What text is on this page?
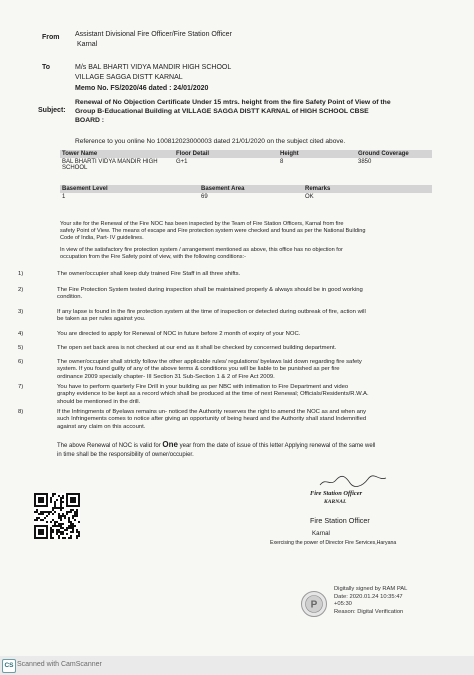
From Assistant Divisional Fire Officer/Fire Station Officer
Karnal
To	M/s BAL BHARTI VIDYA MANDIR HIGH SCHOOL
VILLAGE SAGGA DISTT KARNAL
Memo No. FS/2020/46 dated : 24/01/2020
Subject:
Renewal of No Objection Certificate Under 15 mtrs. height from the fire Safety Point of View of the
Group B-Educational Building at VILLAGE SAGGA DISTT KARNAL of HIGH SCHOOL CBSE
BOARD :
Reference to you online No 100812023000003 dated 21/01/2020 on the subject cited above.
Tower Name	Floor Detail	Height	Ground Coverage
BAL BHARTI VIDYA MANDIR HIGH SCHOOL	G+1	8	3850
Basement Level	Basement Area	Remarks
1	69	OK
Your site for the Renewal of the Fire NOC has been inspected by the Team of Fire Station Officers, Karnal from fire
safety Point of View. The means of escape and Fire protection system were checked and found as per the National Building
Code of India, Part- IV guidelines.
In view of the satisfactory fire protection system / arrangement mentioned as above, this office has no objection for
occupation from the Fire Safety point of view, with the following conditions:-
1)	The owner/occupier shall keep duly trained Fire Staff in all three shifts.
2)	The Fire Protection System tested during inspection shall be maintained properly & always should be in good working
condition.
3)	If any lapse is found in the fire protection system at the time of inspection or detected during outbreak of fire, action will
be taken as per rules against you.
4)	You are directed to apply for Renewal of NOC in future before 2 month of expiry of your NOC.
5)	The open set back area is not checked at our end as it shall be checked by concerned building department.
6)	The owner/occupier shall strictly follow the other applicable rules/ regulations/ byelaws laid down regarding fire safety
system. If you found guilty of any of the above terms & conditions you will be liable to be punished as per fire
ordinance 2009 specially chapter- III Section 31 Sub-Section 1 & 2 of Fire Act 2009.
7)	You have to perform quarterly Fire Drill in your building as per NBC with intimation to Fire Department and video
graphy evidence to be kept as a record which shall be produced at the time of next Renewal; Officials/Residents/R.W.A.
should be mentioned in the drill.
8)	If the Infringments of Byelaws remains un- noticed the Authority reserves the right to amend the NOC as and when any
such Infringements comes to notice after giving an opportunity of being heard and the Authority shall stand Indemnified
against any claim on this account.
The above Renewal of NOC is valid for One year from the date of issue of this letter Applying renewal of the same well
in time shall be the responsibility of owner/occupier.
Fire Station Officer
KARNAL
Fire Station Officer
Karnal
Exercising the power of Director Fire Services,Haryana
P
Digitally signed by RAM PAL
Date: 2020.01.24 10:35:47
+05:30
Reason: Digital Verification
CS Scanned with CamScanner
